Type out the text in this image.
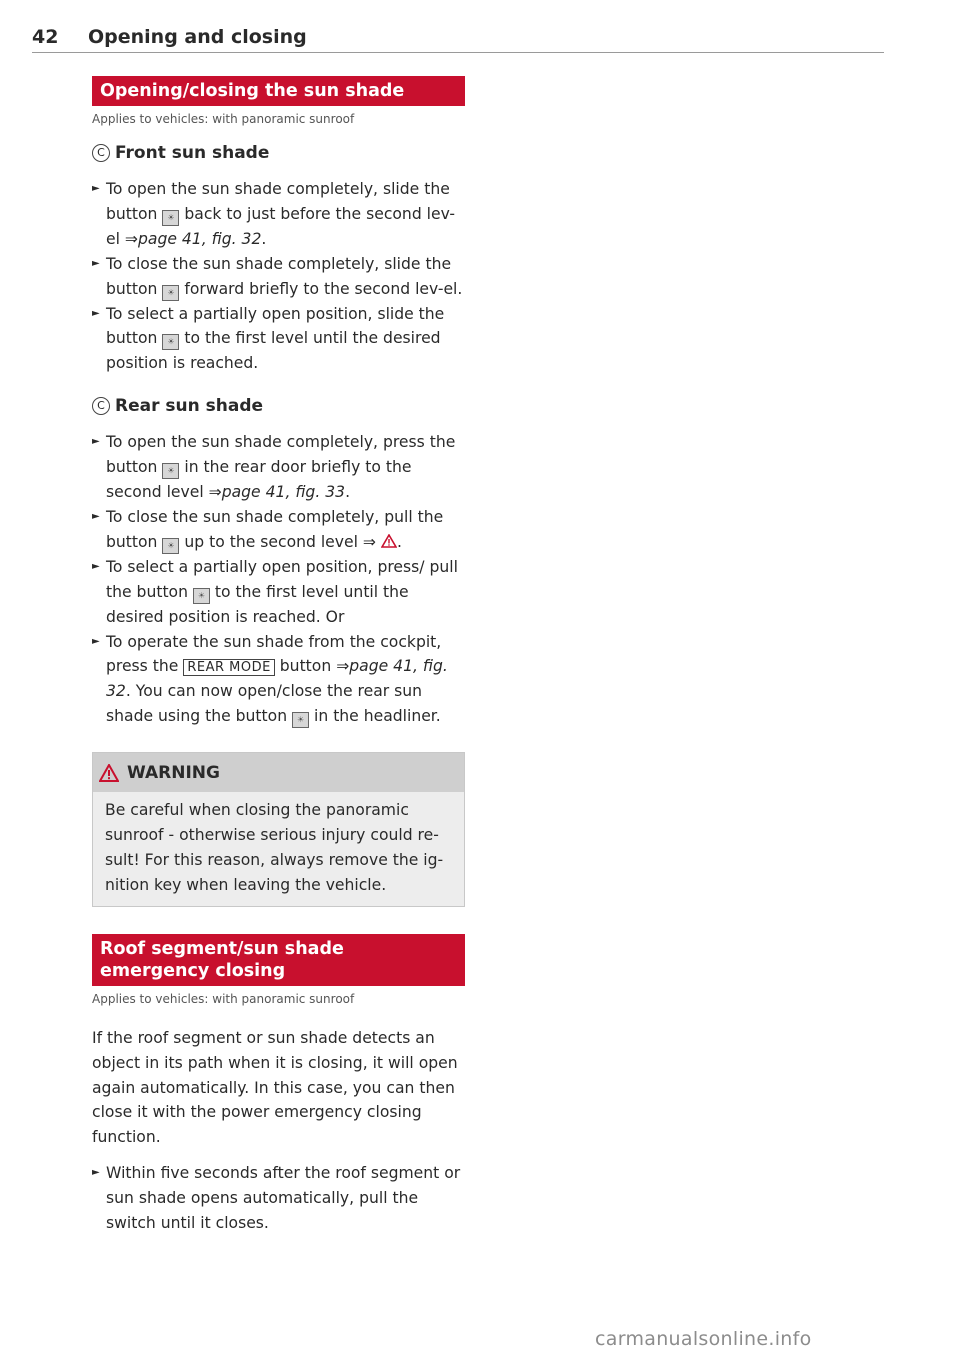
42 Opening and closing
Opening/closing the sun shade
Applies to vehicles: with panoramic sunroof
C Front sun shade
► To open the sun shade completely, slide the button ☀ back to just before the second lev-el ⇒page 41, fig. 32.
► To close the sun shade completely, slide the button ☀ forward briefly to the second lev-el.
► To select a partially open position, slide the button ☀ to the first level until the desired position is reached.
C Rear sun shade
► To open the sun shade completely, press the button ☀ in the rear door briefly to the second level ⇒page 41, fig. 33.
► To close the sun shade completely, pull the button ☀ up to the second level ⇒ .
► To select a partially open position, press/ pull the button ☀ to the first level until the desired position is reached. Or
► To operate the sun shade from the cockpit, press the REAR MODE button ⇒page 41, fig. 32. You can now open/close the rear sun shade using the button ☀ in the headliner.
WARNING
Be careful when closing the panoramic sunroof - otherwise serious injury could re-sult! For this reason, always remove the ig-nition key when leaving the vehicle.
Roof segment/sun shade emergency closing
Applies to vehicles: with panoramic sunroof
If the roof segment or sun shade detects an object in its path when it is closing, it will open again automatically. In this case, you can then close it with the power emergency closing function.
► Within five seconds after the roof segment or sun shade opens automatically, pull the switch until it closes.
carmanualsonline.info
